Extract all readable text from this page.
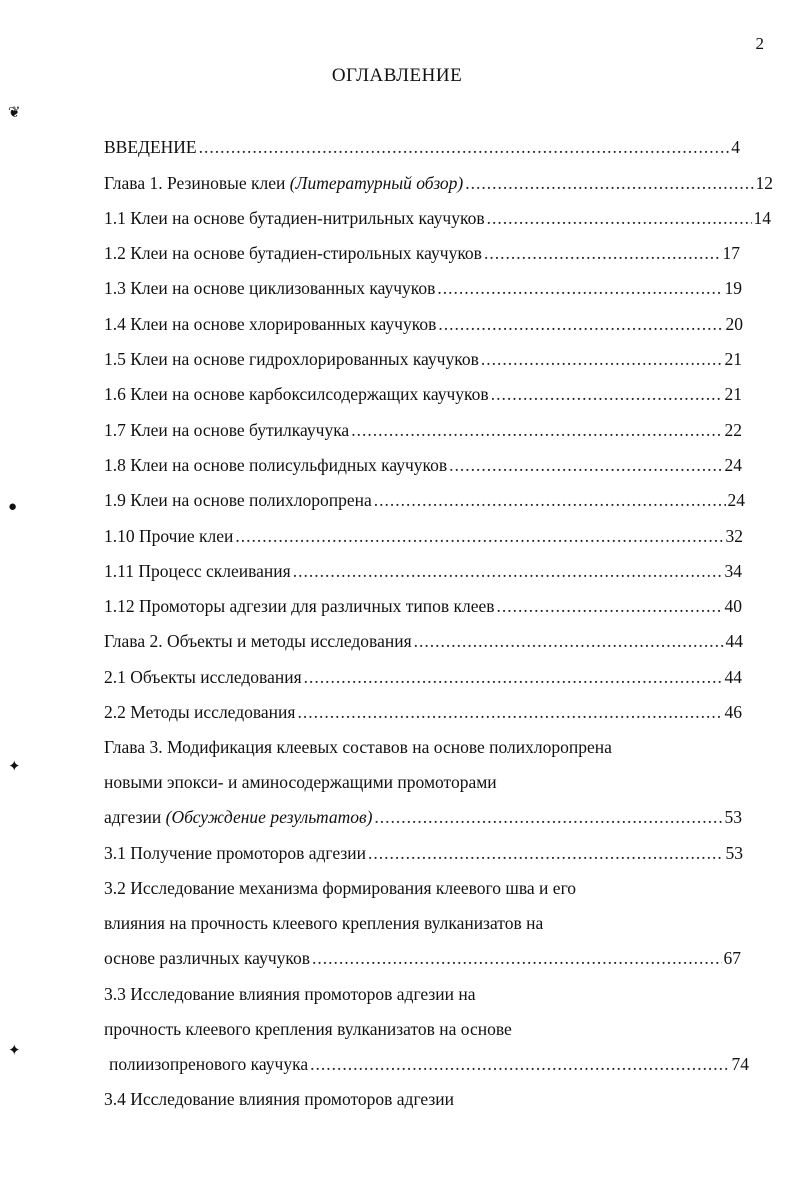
2
ОГЛАВЛЕНИЕ
❦
●
✦
✦
ВВЕДЕНИЕ .....	4
Глава 1. Резиновые клеи (Литературный обзор) .....	12
1.1 Клеи на основе бутадиен-нитрильных каучуков .....	14
1.2 Клеи на основе бутадиен-стирольных каучуков .....	17
1.3 Клеи на основе циклизованных каучуков .....	19
1.4 Клеи на основе хлорированных каучуков .....	20
1.5 Клеи на основе гидрохлорированных каучуков .....	21
1.6 Клеи на основе карбоксилсодержащих каучуков .....	21
1.7 Клеи на основе бутилкаучука .....	22
1.8 Клеи на основе полисульфидных каучуков .....	24
1.9 Клеи на основе полихлоропрена .....	24
1.10 Прочие клеи .....	32
1.11 Процесс склеивания .....	34
1.12 Промоторы адгезии для различных типов клеев .....	40
Глава 2. Объекты и методы исследования .....	44
2.1 Объекты исследования .....	44
2.2 Методы исследования .....	46
Глава 3. Модификация клеевых составов на основе полихлоропрена
новыми эпокси- и аминосодержащими промоторами
адгезии (Обсуждение результатов) .....	53
3.1 Получение промоторов адгезии .....	53
3.2 Исследование механизма формирования клеевого шва и его
влияния на прочность клеевого крепления вулканизатов на
основе различных каучуков .....	67
3.3 Исследование влияния промоторов адгезии на
прочность клеевого крепления вулканизатов на основе
полиизопренового каучука .....	74
3.4 Исследование влияния промоторов адгезии
